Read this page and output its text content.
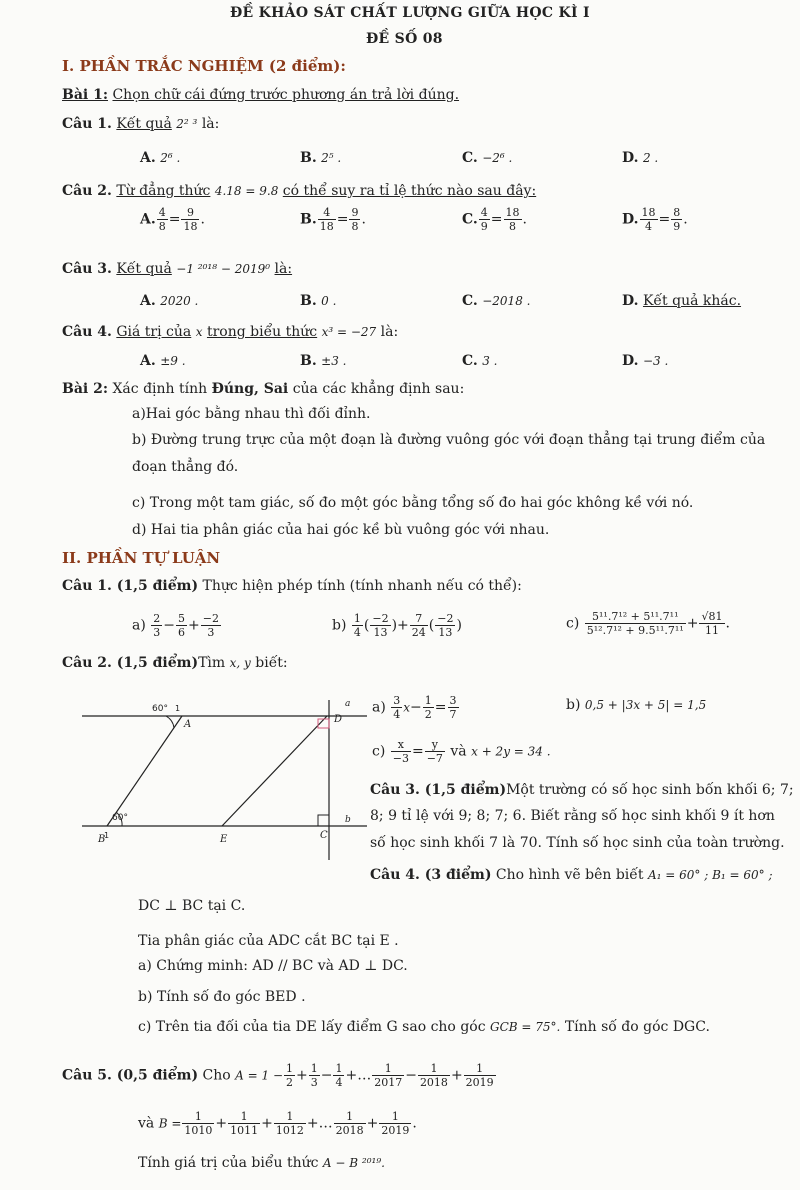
ĐỀ KHẢO SÁT CHẤT LƯỢNG GIỮA HỌC KÌ I
ĐỀ SỐ 08
I. PHẦN TRẮC NGHIỆM (2 điểm):
Bài 1: Chọn chữ cái đứng trước phương án trả lời đúng.
Câu 1. Kết quả 2² ³ là:
A. 2⁶ .	B. 2⁵ .	C. −2⁶ .	D. 2 .
Câu 2. Từ đẳng thức 4.18 = 9.8 có thể suy ra tỉ lệ thức nào sau đây:
A. $\frac{4}{8} = \frac{9}{18}$ .	B. $\frac{4}{18} = \frac{9}{8}$ .	C. $\frac{4}{9} = \frac{18}{8}$ .	D. $\frac{18}{4} = \frac{8}{9}$ .
Câu 3. Kết quả −1 ²⁰¹⁸ − 2019⁰ là:
A. 2020 .	B. 0 .	C. −2018 .	D. Kết quả khác.
Câu 4. Giá trị của x trong biểu thức x³ = −27 là:
A. ±9 .	B. ±3 .	C. 3 .	D. −3 .
Bài 2: Xác định tính Đúng, Sai của các khẳng định sau:
a)Hai góc bằng nhau thì đối đỉnh.
b) Đường trung trực của một đoạn là đường vuông góc với đoạn thẳng tại trung điểm của
đoạn thẳng đó.
c) Trong một tam giác, số đo một góc bằng tổng số đo hai góc không kề với nó.
d) Hai tia phân giác của hai góc kề bù vuông góc với nhau.
II. PHẦN TỰ LUẬN
Câu 1. (1,5 điểm) Thực hiện phép tính (tính nhanh nếu có thể):
$a) \frac{2}{3} - \frac{5}{6} + \frac{-2}{3}$	$b) \frac{1}{4}$ ( $\frac{-2}{13}$ )+ $\frac{7}{24}$ ( $\frac{-2}{13}$ )	$c) \frac{\text{5¹¹.7¹² + 5¹¹.7¹¹}}{\text{5¹².7¹² + 9.5¹¹.7¹¹}} + \frac{√81}{11}$ .
Câu 2. (1,5 điểm)Tìm x, y biết:
60° 1
A
60°
1
B	C
D
E
a
b
$a) \frac{3}{4} x- \frac{1}{2} = \frac{3}{7}$	b) 0,5 + |3x + 5| = 1,5
$c) \frac{x}{-3} = \frac{y}{-7}$ và x + 2y = 34 .
Câu 3. (1,5 điểm)Một trường có số học sinh bốn khối 6; 7;
8; 9 tỉ lệ với 9; 8; 7; 6. Biết rằng số học sinh khối 9 ít hơn
số học sinh khối 7 là 70. Tính số học sinh của toàn trường.
Câu 4. (3 điểm) Cho hình vẽ bên biết A₁ = 60° ; B₁ = 60° ;
DC ⊥ BC tại C.
Tia phân giác của ADC cắt BC tại E .
a) Chứng minh: AD // BC và AD ⊥ DC.
b) Tính số đo góc BED .
c) Trên tia đối của tia DE lấy điểm G sao cho góc GCB = 75°. Tính số đo góc DGC.
Câu 5. (0,5 điểm) Cho $A = 1 - \frac{1}{2} + \frac{1}{3} - \frac{1}{4}$ +… $\frac{1}{2017} - \frac{1}{2018} + \frac{1}{2019}$
và $B = \frac{1}{1010} + \frac{1}{1011} + \frac{1}{1012}$ +… $\frac{1}{2018} + \frac{1}{2019}$ .
Tính giá trị của biểu thức A − B ²⁰¹⁹.
